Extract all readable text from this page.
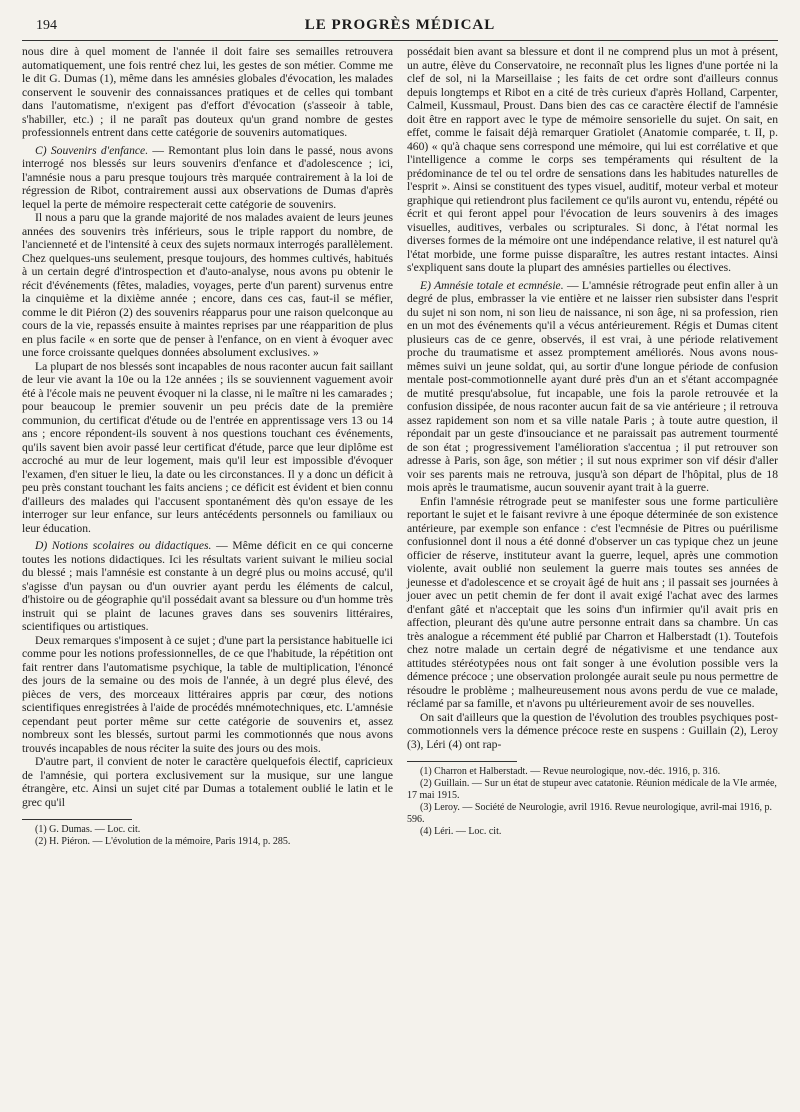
194	LE PROGRÈS MÉDICAL

nous dire à quel moment de l'année il doit faire ses semailles retrouvera automatiquement, une fois rentré chez lui, les gestes de son métier. Comme me le dit G. Dumas (1), même dans les amnésies globales d'évocation, les malades conservent le souvenir des connaissances pratiques et de celles qui tombant dans l'automatisme, n'exigent pas d'effort d'évocation (s'asseoir à table, s'habiller, etc.) ; il ne paraît pas douteux qu'un grand nombre de gestes professionnels entrent dans cette catégorie de souvenirs automatiques.

C) Souvenirs d'enfance. — Remontant plus loin dans le passé, nous avons interrogé nos blessés sur leurs souvenirs d'enfance et d'adolescence ; ici, l'amnésie nous a paru presque toujours très marquée contrairement à la loi de régression de Ribot, contrairement aussi aux observations de Dumas d'après lequel la perte de mémoire respecterait cette catégorie de souvenirs.

Il nous a paru que la grande majorité de nos malades avaient de leurs jeunes années des souvenirs très inférieurs, sous le triple rapport du nombre, de l'ancienneté et de l'intensité à ceux des sujets normaux interrogés parallèlement. Chez quelques-uns seulement, presque toujours, des hommes cultivés, habitués à un certain degré d'introspection et d'auto-analyse, nous avons pu obtenir le récit d'événements (fêtes, maladies, voyages, perte d'un parent) survenus entre la cinquième et la dixième année ; encore, dans ces cas, faut-il se méfier, comme le dit Piéron (2) des souvenirs réapparus pour une raison quelconque au cours de la vie, repassés ensuite à maintes reprises par une réapparition de plus en plus facile « en sorte que de penser à l'enfance, on en vient à évoquer avec une force croissante quelques données absolument exclusives. »

La plupart de nos blessés sont incapables de nous raconter aucun fait saillant de leur vie avant la 10e ou la 12e années ; ils se souviennent vaguement avoir été à l'école mais ne peuvent évoquer ni la classe, ni le maître ni les camarades ; pour beaucoup le premier souvenir un peu précis date de la première communion, du certificat d'étude ou de l'entrée en apprentissage vers 13 ou 14 ans ; encore répondent-ils souvent à nos questions touchant ces événements, qu'ils savent bien avoir passé leur certificat d'étude, parce que leur diplôme est accroché au mur de leur logement, mais qu'il leur est impossible d'évoquer l'examen, d'en situer le lieu, la date ou les circonstances. Il y a donc un déficit à peu près constant touchant les faits anciens ; ce déficit est évident et bien connu d'ailleurs des malades qui l'accusent spontanément dès qu'on essaye de les interroger sur leur enfance, sur leurs antécédents personnels ou familiaux ou leur éducation.

D) Notions scolaires ou didactiques. — Même déficit en ce qui concerne toutes les notions didactiques. Ici les résultats varient suivant le milieu social du blessé ; mais l'amnésie est constante à un degré plus ou moins accusé, qu'il s'agisse d'un paysan ou d'un ouvrier ayant perdu les éléments de calcul, d'histoire ou de géographie qu'il possédait avant sa blessure ou d'un homme très instruit qui se plaint de lacunes graves dans ses souvenirs littéraires, scientifiques ou artistiques.

Deux remarques s'imposent à ce sujet ; d'une part la persistance habituelle ici comme pour les notions professionnelles, de ce que l'habitude, la répétition ont fait rentrer dans l'automatisme psychique, la table de multiplication, l'énoncé des jours de la semaine ou des mois de l'année, à un degré plus élevé, des pièces de vers, des morceaux littéraires appris par cœur, des notions scientifiques enregistrées à l'aide de procédés mnémotechniques, etc. L'amnésie cependant peut porter même sur cette catégorie de souvenirs et, assez nombreux sont les blessés, surtout parmi les commotionnés que nous avons trouvés incapables de nous réciter la suite des jours ou des mois.

D'autre part, il convient de noter le caractère quelquefois électif, capricieux de l'amnésie, qui portera exclusivement sur la musique, sur une langue étrangère, etc. Ainsi un sujet cité par Dumas a totalement oublié le latin et le grec qu'il

(1) G. Dumas. — Loc. cit.

(2) H. Piéron. — L'évolution de la mémoire, Paris 1914, p. 285.

possédait bien avant sa blessure et dont il ne comprend plus un mot à présent, un autre, élève du Conservatoire, ne reconnaît plus les lignes d'une portée ni la clef de sol, ni la Marseillaise ; les faits de cet ordre sont d'ailleurs connus depuis longtemps et Ribot en a cité de très curieux d'après Holland, Carpenter, Calmeil, Kussmaul, Proust. Dans bien des cas ce caractère électif de l'amnésie doit être en rapport avec le type de mémoire sensorielle du sujet. On sait, en effet, comme le faisait déjà remarquer Gratiolet (Anatomie comparée, t. II, p. 460) « qu'à chaque sens correspond une mémoire, qui lui est corrélative et que l'intelligence a comme le corps ses tempéraments qui résultent de la prédominance de tel ou tel ordre de sensations dans les habitudes naturelles de l'esprit ». Ainsi se constituent des types visuel, auditif, moteur verbal et moteur graphique qui retiendront plus facilement ce qu'ils auront vu, entendu, répété ou écrit et qui feront appel pour l'évocation de leurs souvenirs à des images visuelles, auditives, verbales ou scripturales. Si donc, à l'état normal les diverses formes de la mémoire ont une indépendance relative, il est naturel qu'à l'état morbide, une forme puisse disparaître, les autres restant intactes. Ainsi s'expliquent sans doute la plupart des amnésies partielles ou électives.

E) Amnésie totale et ecmnésie. — L'amnésie rétrograde peut enfin aller à un degré de plus, embrasser la vie entière et ne laisser rien subsister dans l'esprit du sujet ni son nom, ni son lieu de naissance, ni son âge, ni sa profession, rien en un mot des événements qu'il a vécus antérieurement. Régis et Dumas citent plusieurs cas de ce genre, observés, il est vrai, à une période relativement proche du traumatisme et assez promptement améliorés. Nous avons nous-mêmes suivi un jeune soldat, qui, au sortir d'une longue période de confusion mentale post-commotionnelle ayant duré près d'un an et s'étant accompagnée de mutité presqu'absolue, fut incapable, une fois la parole retrouvée et la confusion dissipée, de nous raconter aucun fait de sa vie antérieure ; il retrouva assez rapidement son nom et sa ville natale Paris ; à toute autre question, il répondait par un geste d'insouciance et ne paraissait pas autrement tourmenté de son état ; progressivement l'amélioration s'accentua ; il put retrouver son adresse à Paris, son âge, son métier ; il sut nous exprimer son vif désir d'aller voir ses parents mais ne retrouva, jusqu'à son départ de l'hôpital, plus de 18 mois après le traumatisme, aucun souvenir ayant trait à la guerre.

Enfin l'amnésie rétrograde peut se manifester sous une forme particulière reportant le sujet et le faisant revivre à une époque déterminée de son existence antérieure, par exemple son enfance : c'est l'ecmnésie de Pitres ou puérilisme confusionnel dont il nous a été donné d'observer un cas typique chez un jeune officier de réserve, instituteur avant la guerre, lequel, après une commotion violente, avait oublié non seulement la guerre mais toutes ses années de jeunesse et d'adolescence et se croyait âgé de huit ans ; il passait ses journées à jouer avec un petit chemin de fer dont il avait exigé l'achat avec des larmes d'enfant gâté et n'acceptait que les soins d'un infirmier qu'il avait pris en affection, pleurant dès qu'une autre personne entrait dans sa chambre. Un cas très analogue a récemment été publié par Charron et Halberstadt (1). Toutefois chez notre malade un certain degré de négativisme et une tendance aux attitudes stéréotypées nous ont fait songer à une évolution possible vers la démence précoce ; une observation prolongée aurait seule pu nous permettre de résoudre le problème ; malheureusement nous avons perdu de vue ce malade, réclamé par sa famille, et n'avons pu ultérieurement avoir de ses nouvelles.

On sait d'ailleurs que la question de l'évolution des troubles psychiques post-commotionnels vers la démence précoce reste en suspens : Guillain (2), Leroy (3), Léri (4) ont rap-

(1) Charron et Halberstadt. — Revue neurologique, nov.-déc. 1916, p. 316.

(2) Guillain. — Sur un état de stupeur avec catatonie. Réunion médicale de la VIe armée, 17 mai 1915.

(3) Leroy. — Société de Neurologie, avril 1916. Revue neurologique, avril-mai 1916, p. 596.

(4) Léri. — Loc. cit.
